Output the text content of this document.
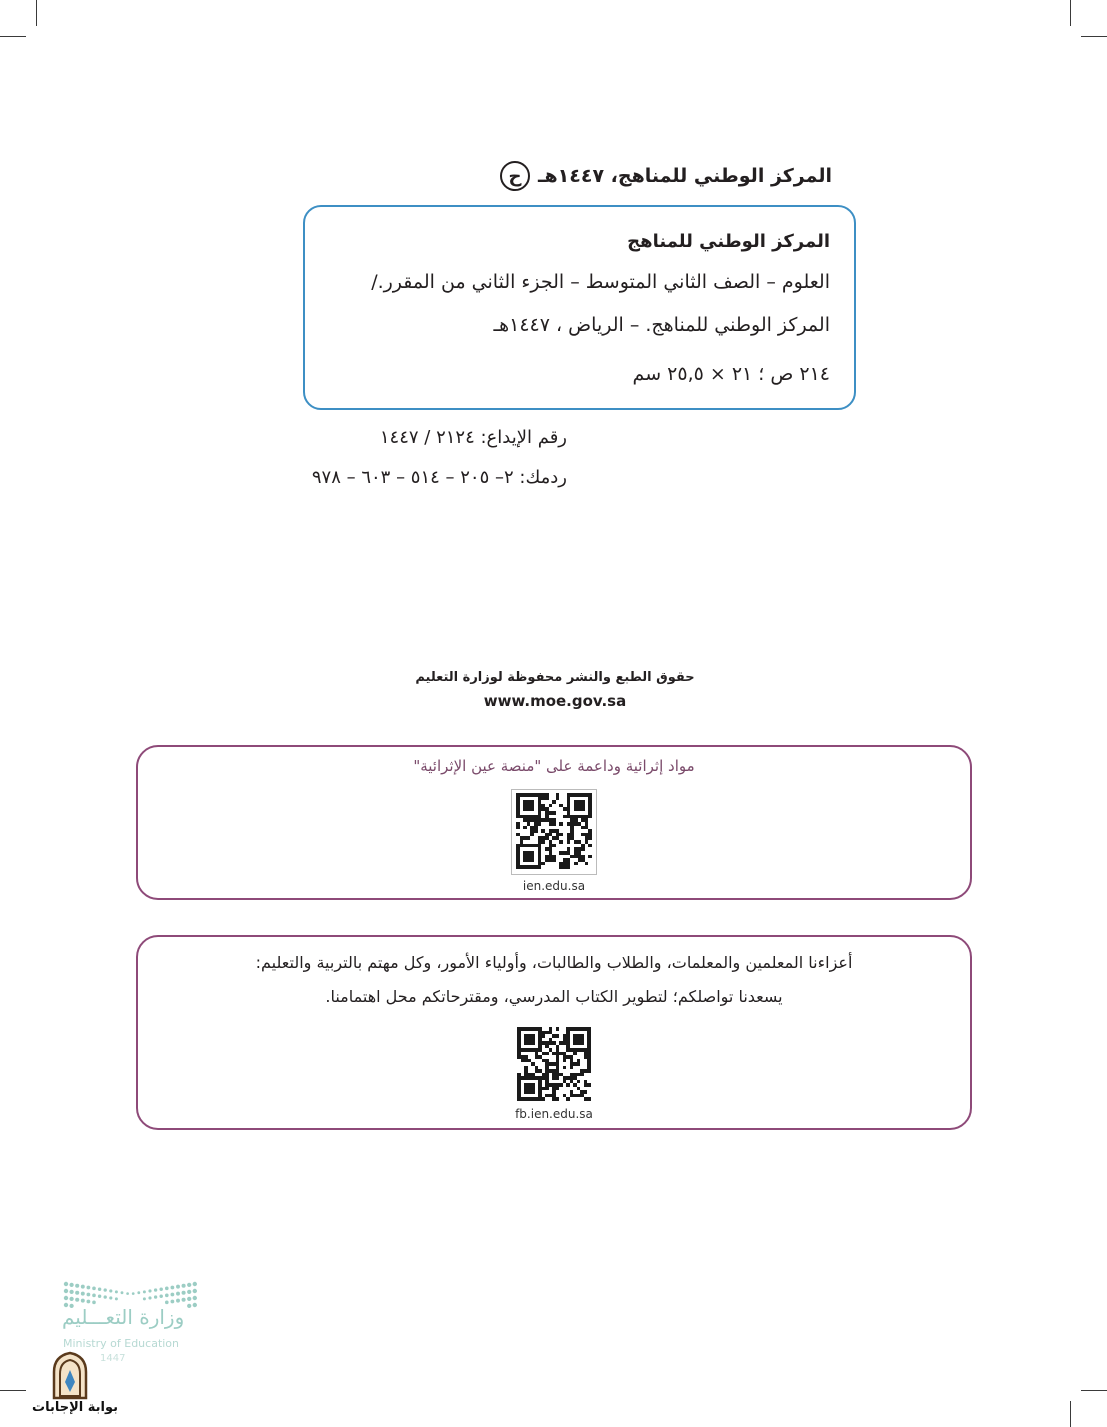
ح المركز الوطني للمناهج، ١٤٤٧هـ
المركز الوطني للمناهج
العلوم – الصف الثاني المتوسط – الجزء الثاني من المقرر./
المركز الوطني للمناهج. – الرياض ، ١٤٤٧هـ
٢١٤ ص ؛ ٢١ × ٢٥,٥ سم
رقم الإيداع: ٢١٢٤ / ١٤٤٧
ردمك: ٢– ٢٠٥ – ٥١٤ – ٦٠٣ – ٩٧٨
حقوق الطبع والنشر محفوظة لوزارة التعليم
www.moe.gov.sa
مواد إثرائية وداعمة على "منصة عين الإثرائية"
ien.edu.sa
أعزاءنا المعلمين والمعلمات، والطلاب والطالبات، وأولياء الأمور، وكل مهتم بالتربية والتعليم:
يسعدنا تواصلكم؛ لتطوير الكتاب المدرسي، ومقترحاتكم محل اهتمامنا.
fb.ien.edu.sa
وزارة التعـــليم
Ministry of Education
1447
بوابة الإجابات
